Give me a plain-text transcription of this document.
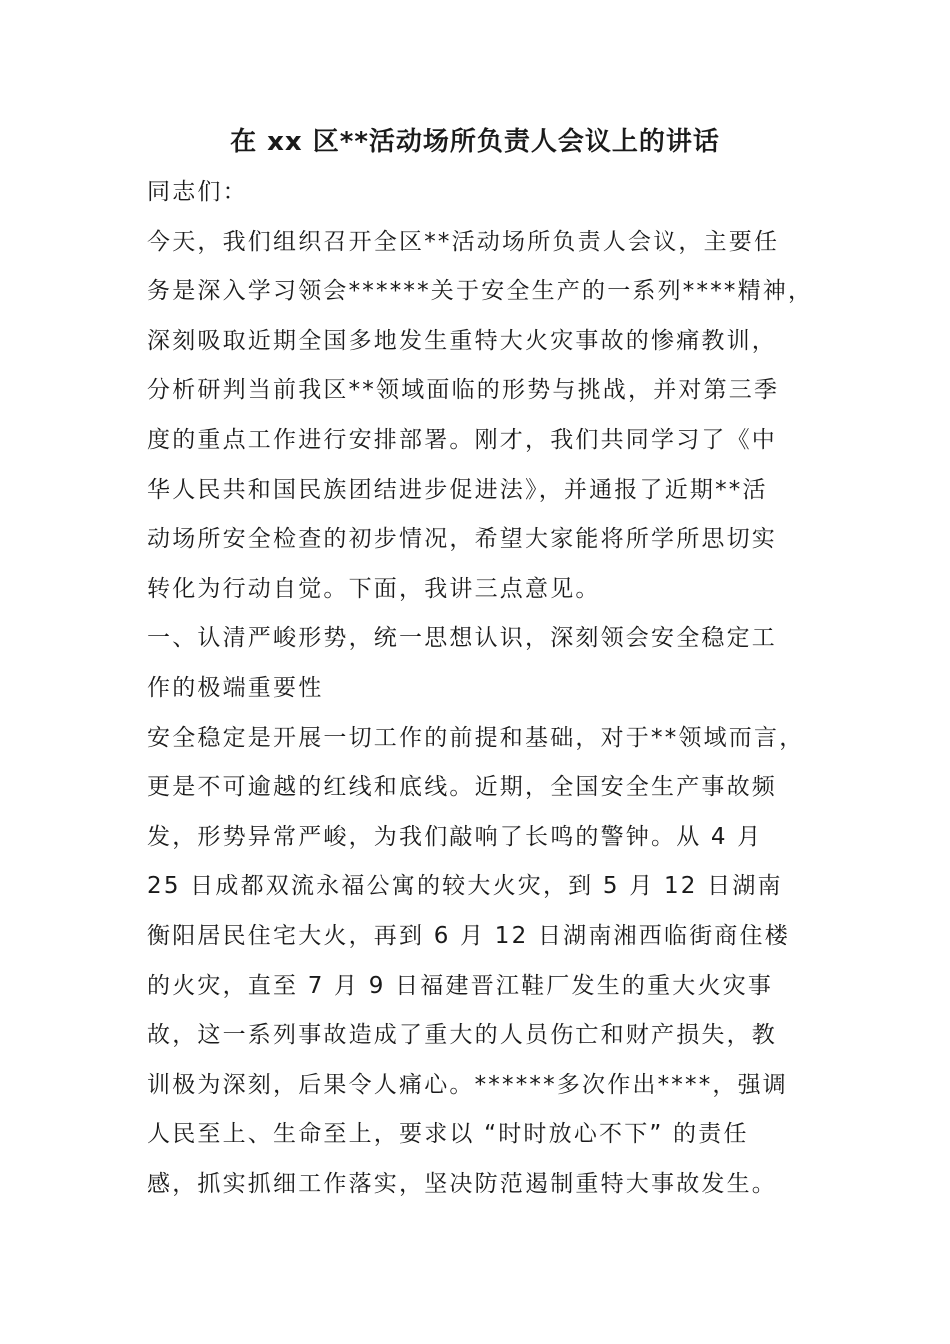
在 xx 区**活动场所负责人会议上的讲话
同志们：
今天，我们组织召开全区**活动场所负责人会议，主要任
务是深入学习领会******关于安全生产的一系列****精神，
深刻吸取近期全国多地发生重特大火灾事故的惨痛教训，
分析研判当前我区**领域面临的形势与挑战，并对第三季
度的重点工作进行安排部署。刚才，我们共同学习了《中
华人民共和国民族团结进步促进法》，并通报了近期**活
动场所安全检查的初步情况，希望大家能将所学所思切实
转化为行动自觉。下面，我讲三点意见。
一、认清严峻形势，统一思想认识，深刻领会安全稳定工
作的极端重要性
安全稳定是开展一切工作的前提和基础，对于**领域而言，
更是不可逾越的红线和底线。近期，全国安全生产事故频
发，形势异常严峻，为我们敲响了长鸣的警钟。从 4 月
25 日成都双流永福公寓的较大火灾，到 5 月 12 日湖南
衡阳居民住宅大火，再到 6 月 12 日湖南湘西临街商住楼
的火灾，直至 7 月 9 日福建晋江鞋厂发生的重大火灾事
故，这一系列事故造成了重大的人员伤亡和财产损失，教
训极为深刻，后果令人痛心。******多次作出****，强调
人民至上、生命至上，要求以 “时时放心不下” 的责任
感，抓实抓细工作落实，坚决防范遏制重特大事故发生。
